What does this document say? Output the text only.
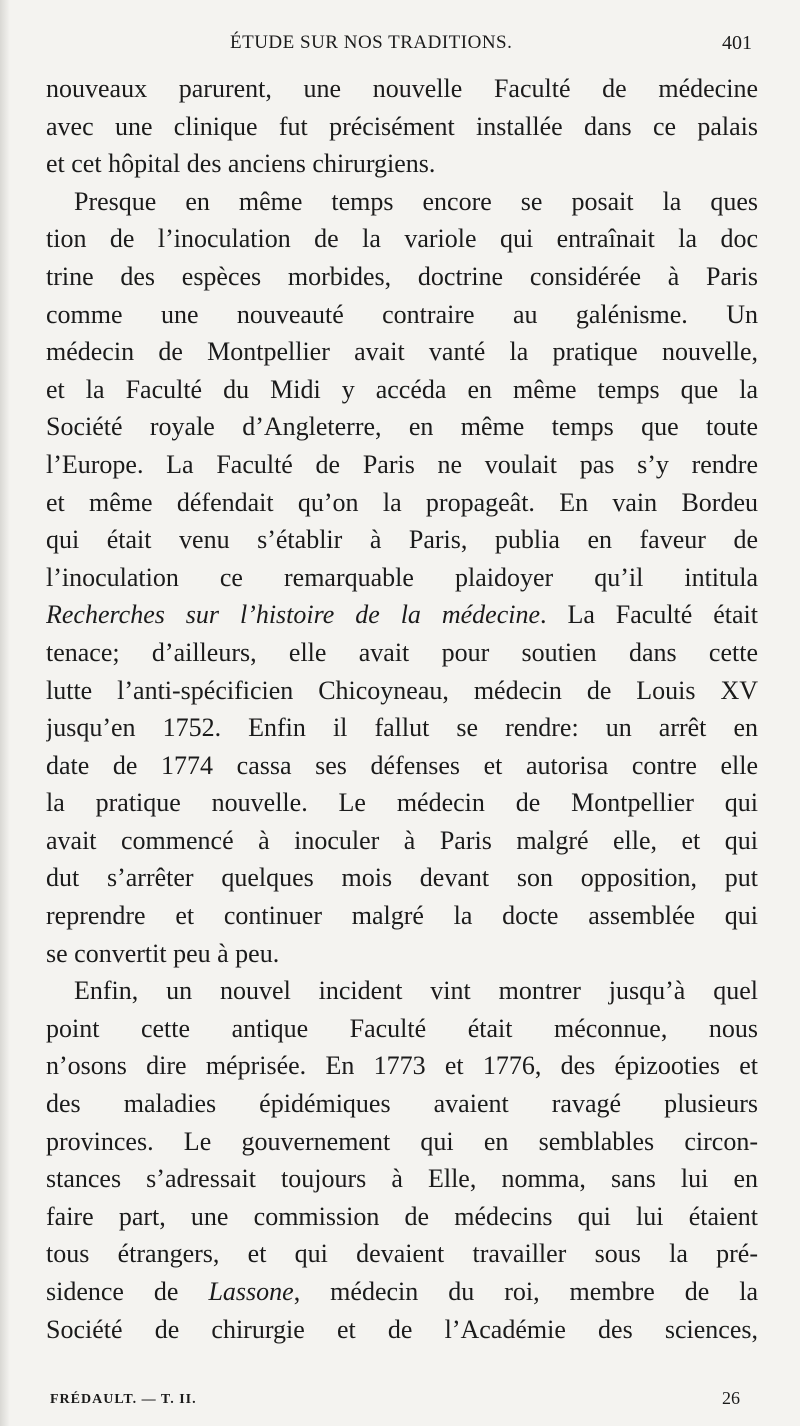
ÉTUDE SUR NOS TRADITIONS.	401
nouveaux parurent, une nouvelle Faculté de médecine
avec une clinique fut précisément installée dans ce palais
et cet hôpital des anciens chirurgiens.
Presque en même temps encore se posait la ques
tion de l’inoculation de la variole qui entraînait la doc
trine des espèces morbides, doctrine considérée à Paris
comme une nouveauté contraire au galénisme. Un
médecin de Montpellier avait vanté la pratique nouvelle,
et la Faculté du Midi y accéda en même temps que la
Société royale d’Angleterre, en même temps que toute
l’Europe. La Faculté de Paris ne voulait pas s’y rendre
et même défendait qu’on la propageât. En vain Bordeu
qui était venu s’établir à Paris, publia en faveur de
l’inoculation ce remarquable plaidoyer qu’il intitula
Recherches sur l’histoire de la médecine. La Faculté était
tenace; d’ailleurs, elle avait pour soutien dans cette
lutte l’anti-spécificien Chicoyneau, médecin de Louis XV
jusqu’en 1752. Enfin il fallut se rendre: un arrêt en
date de 1774 cassa ses défenses et autorisa contre elle
la pratique nouvelle. Le médecin de Montpellier qui
avait commencé à inoculer à Paris malgré elle, et qui
dut s’arrêter quelques mois devant son opposition, put
reprendre et continuer malgré la docte assemblée qui
se convertit peu à peu.
Enfin, un nouvel incident vint montrer jusqu’à quel
point cette antique Faculté était méconnue, nous
n’osons dire méprisée. En 1773 et 1776, des épizooties et
des maladies épidémiques avaient ravagé plusieurs
provinces. Le gouvernement qui en semblables circon-
stances s’adressait toujours à Elle, nomma, sans lui en
faire part, une commission de médecins qui lui étaient
tous étrangers, et qui devaient travailler sous la pré-
sidence de Lassone, médecin du roi, membre de la
Société de chirurgie et de l’Académie des sciences,
FRÉDAULT. — T. II.	26
